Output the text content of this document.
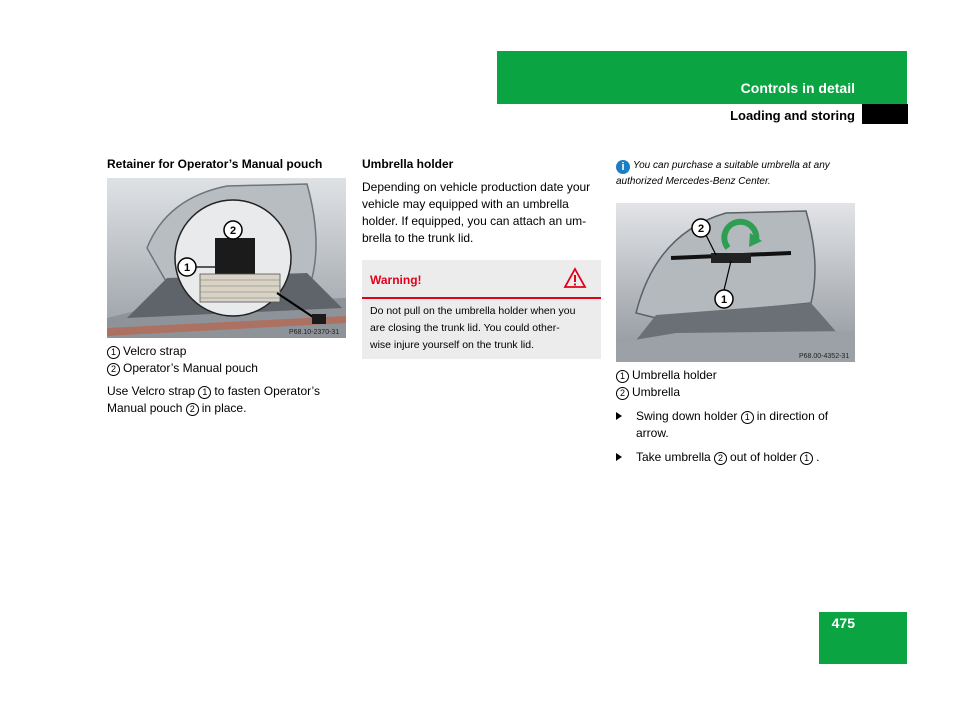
Controls in detail
Loading and storing
Retainer for Operator’s Manual pouch
2
1
P68.10-2370-31
1 Velcro strap
2 Operator’s Manual pouch
Use Velcro strap 1 to fasten Operator’s
Manual pouch 2 in place.
Umbrella holder
Depending on vehicle production date your
vehicle may equipped with an umbrella
holder. If equipped, you can attach an um-
brella to the trunk lid.
Warning!
Do not pull on the umbrella holder when you
are closing the trunk lid. You could other-
wise injure yourself on the trunk lid.
i You can purchase a suitable umbrella at any
authorized Mercedes-Benz Center.
2
1
P68.00-4352-31
1 Umbrella holder
2 Umbrella
Swing down holder 1 in direction of
arrow.
Take umbrella 2 out of holder 1 .
475
